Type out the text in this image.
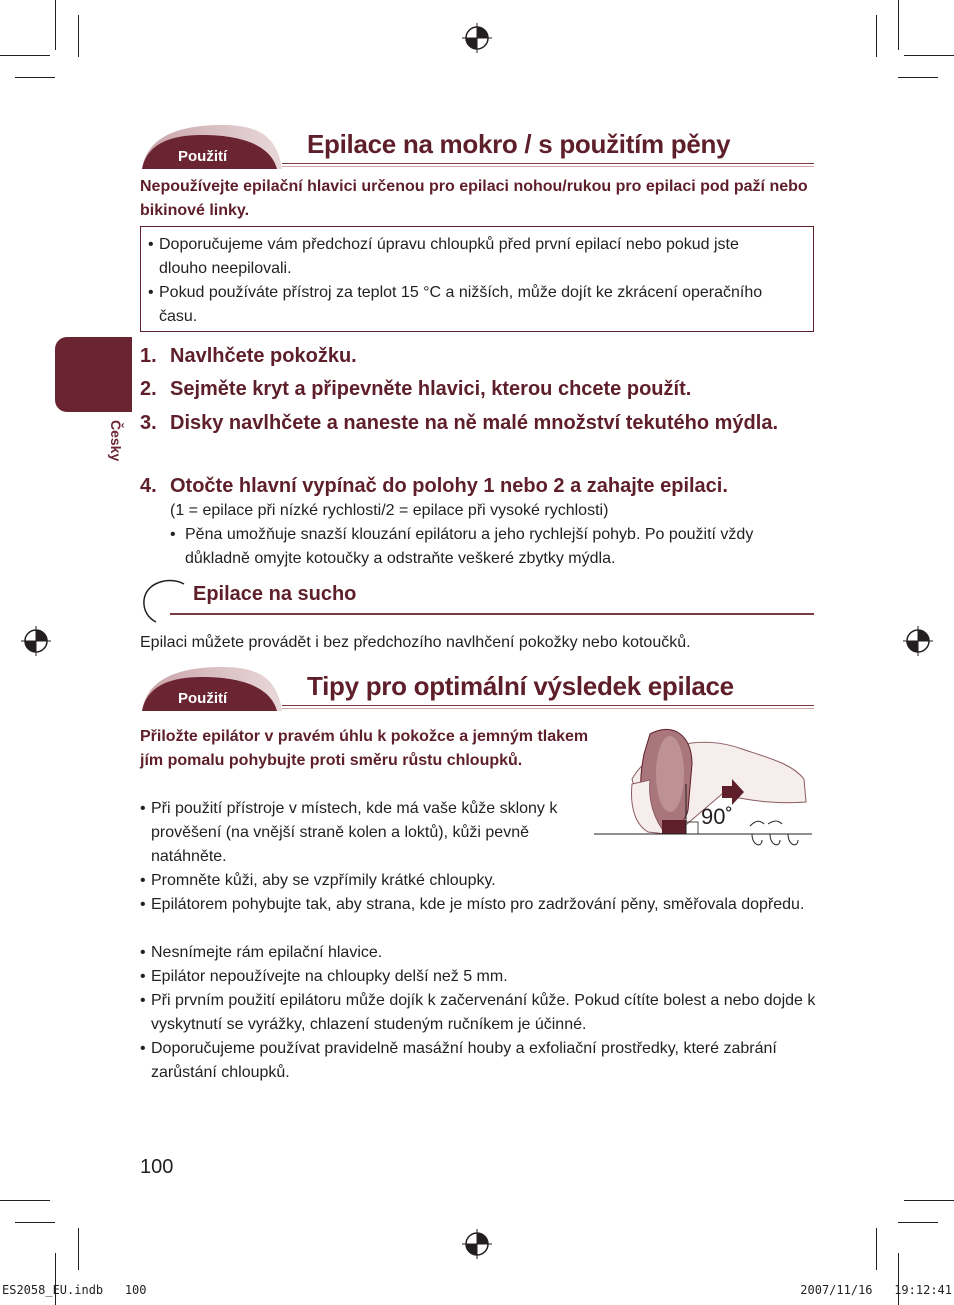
Použití	Epilace na mokro / s použitím pěny
Nepoužívejte epilační hlavici určenou pro epilaci nohou/rukou pro epilaci pod paží nebo bikinové linky.
• Doporučujeme vám předchozí úpravu chloupků před první epilací nebo pokud jste dlouho neepilovali.
• Pokud používáte přístroj za teplot 15 °C a nižších, může dojít ke zkrácení operačního času.
Česky
1. Navlhčete pokožku.
2. Sejměte kryt a připevněte hlavici, kterou chcete použít.
3. Disky navlhčete a naneste na ně malé množství tekutého mýdla.
4. Otočte hlavní vypínač do polohy 1 nebo 2 a zahajte epilaci.
(1 = epilace při nízké rychlosti/2 = epilace při vysoké rychlosti)
• Pěna umožňuje snazší klouzání epilátoru a jeho rychlejší pohyb. Po použití vždy důkladně omyjte kotoučky a odstraňte veškeré zbytky mýdla.
Epilace na sucho
Epilaci můžete provádět i bez předchozího navlhčení pokožky nebo kotoučků.
Použití	Tipy pro optimální výsledek epilace
Přiložte epilátor v pravém úhlu k pokožce a jemným tlakem jím pomalu pohybujte proti směru růstu chloupků.
90˚
• Při použití přístroje v místech, kde má vaše kůže sklony k prověšení (na vnější straně kolen a loktů), kůži pevně natáhněte.
• Promněte kůži, aby se vzpřímily krátké chloupky.
• Epilátorem pohybujte tak, aby strana, kde je místo pro zadržování pěny, směřovala dopředu.
• Nesnímejte rám epilační hlavice.
• Epilátor nepoužívejte na chloupky delší než 5 mm.
• Při prvním použití epilátoru může dojík k začervenání kůže. Pokud cítíte bolest a nebo dojde k vyskytnutí se vyrážky, chlazení studeným ručníkem je účinné.
• Doporučujeme používat pravidelně masážní houby a exfoliační prostředky, které zabrání zarůstání chloupků.
100
ES2058_EU.indb   100	2007/11/16   19:12:41
